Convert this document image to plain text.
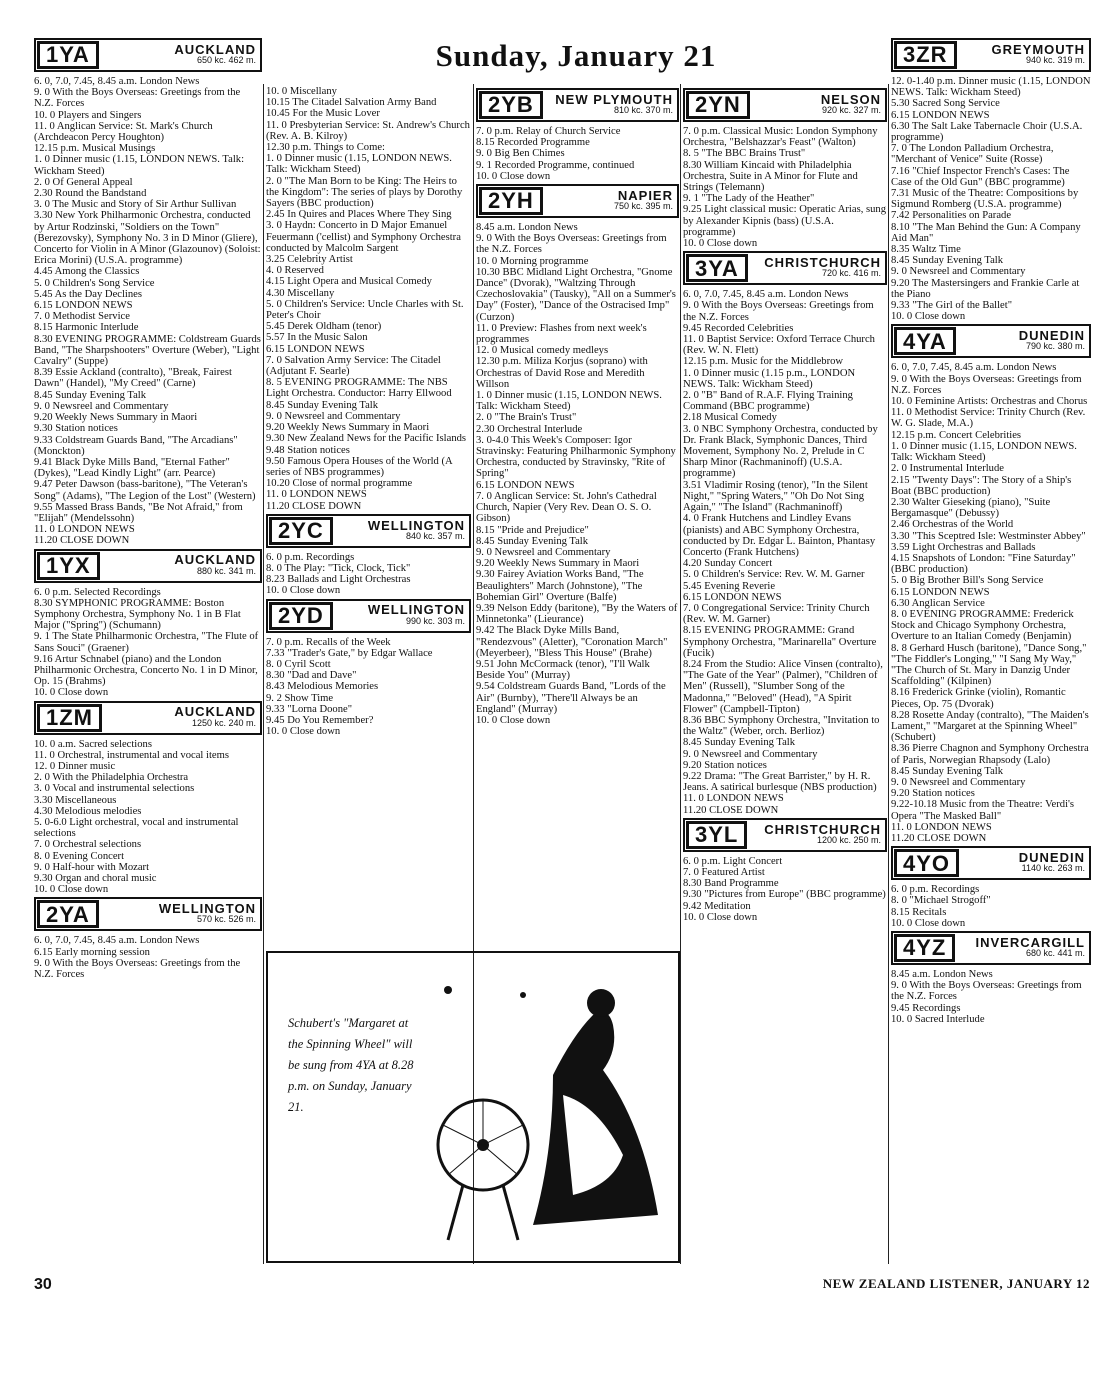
Sunday, January 21
1YA	AUCKLAND
650 kc. 462 m.

6. 0, 7.0, 7.45, 8.45 a.m. London News

9. 0 With the Boys Overseas: Greetings from the N.Z. Forces

10. 0 Players and Singers

11. 0 Anglican Service: St. Mark's Church (Archdeacon Percy Houghton)

12.15 p.m. Musical Musings

1. 0 Dinner music (1.15, LONDON NEWS. Talk: Wickham Steed)

2. 0 Of General Appeal

2.30 Round the Bandstand

3. 0 The Music and Story of Sir Arthur Sullivan

3.30 New York Philharmonic Orchestra, conducted by Artur Rodzinski, "Soldiers on the Town" (Berezovsky), Symphony No. 3 in D Minor (Gliere), Concerto for Violin in A Minor (Glazounov) (Soloist: Erica Morini) (U.S.A. programme)

4.45 Among the Classics

5. 0 Children's Song Service

5.45 As the Day Declines

6.15 LONDON NEWS

7. 0 Methodist Service

8.15 Harmonic Interlude

8.30 EVENING PROGRAMME: Coldstream Guards Band, "The Sharpshooters" Overture (Weber), "Light Cavalry" (Suppe)

8.39 Essie Ackland (contralto), "Break, Fairest Dawn" (Handel), "My Creed" (Carne)

8.45 Sunday Evening Talk

9. 0 Newsreel and Commentary

9.20 Weekly News Summary in Maori

9.30 Station notices

9.33 Coldstream Guards Band, "The Arcadians" (Monckton)

9.41 Black Dyke Mills Band, "Eternal Father" (Dykes), "Lead Kindly Light" (arr. Pearce)

9.47 Peter Dawson (bass-baritone), "The Veteran's Song" (Adams), "The Legion of the Lost" (Western)

9.55 Massed Brass Bands, "Be Not Afraid," from "Elijah" (Mendelssohn)

11. 0 LONDON NEWS

11.20 CLOSE DOWN

1YX	AUCKLAND
880 kc. 341 m.

6. 0 p.m. Selected Recordings

8.30 SYMPHONIC PROGRAMME: Boston Symphony Orchestra, Symphony No. 1 in B Flat Major ("Spring") (Schumann)

9. 1 The State Philharmonic Orchestra, "The Flute of Sans Souci" (Graener)

9.16 Artur Schnabel (piano) and the London Philharmonic Orchestra, Concerto No. 1 in D Minor, Op. 15 (Brahms)

10. 0 Close down

1ZM	AUCKLAND
1250 kc. 240 m.

10. 0 a.m. Sacred selections

11. 0 Orchestral, instrumental and vocal items

12. 0 Dinner music

2. 0 With the Philadelphia Orchestra

3. 0 Vocal and instrumental selections

3.30 Miscellaneous

4.30 Melodious melodies

5. 0-6.0 Light orchestral, vocal and instrumental selections

7. 0 Orchestral selections

8. 0 Evening Concert

9. 0 Half-hour with Mozart

9.30 Organ and choral music

10. 0 Close down

2YA	WELLINGTON
570 kc. 526 m.

6. 0, 7.0, 7.45, 8.45 a.m. London News

6.15 Early morning session

9. 0 With the Boys Overseas: Greetings from the N.Z. Forces

10. 0 Miscellany

10.15 The Citadel Salvation Army Band

10.45 For the Music Lover

11. 0 Presbyterian Service: St. Andrew's Church (Rev. A. B. Kilroy)

12.30 p.m. Things to Come:

1. 0 Dinner music (1.15, LONDON NEWS. Talk: Wickham Steed)

2. 0 "The Man Born to be King: The Heirs to the Kingdom": The series of plays by Dorothy Sayers (BBC production)

2.45 In Quires and Places Where They Sing

3. 0 Haydn: Concerto in D Major Emanuel Feuermann ('cellist) and Symphony Orchestra conducted by Malcolm Sargent

3.25 Celebrity Artist

4. 0 Reserved

4.15 Light Opera and Musical Comedy

4.30 Miscellany

5. 0 Children's Service: Uncle Charles with St. Peter's Choir

5.45 Derek Oldham (tenor)

5.57 In the Music Salon

6.15 LONDON NEWS

7. 0 Salvation Army Service: The Citadel (Adjutant F. Searle)

8. 5 EVENING PROGRAMME: The NBS Light Orchestra. Conductor: Harry Ellwood

8.45 Sunday Evening Talk

9. 0 Newsreel and Commentary

9.20 Weekly News Summary in Maori

9.30 New Zealand News for the Pacific Islands

9.48 Station notices

9.50 Famous Opera Houses of the World (A series of NBS programmes)

10.20 Close of normal programme

11. 0 LONDON NEWS

11.20 CLOSE DOWN

2YC	WELLINGTON
840 kc. 357 m.

6. 0 p.m. Recordings

8. 0 The Play: "Tick, Clock, Tick"

8.23 Ballads and Light Orchestras

10. 0 Close down

2YD	WELLINGTON
990 kc. 303 m.

7. 0 p.m. Recalls of the Week

7.33 "Trader's Gate," by Edgar Wallace

8. 0 Cyril Scott

8.30 "Dad and Dave"

8.43 Melodious Memories

9. 2 Show Time

9.33 "Lorna Doone"

9.45 Do You Remember?

10. 0 Close down

2YB	NEW PLYMOUTH
810 kc. 370 m.

7. 0 p.m. Relay of Church Service

8.15 Recorded Programme

9. 0 Big Ben Chimes

9. 1 Recorded Programme, continued

10. 0 Close down

2YH	NAPIER
750 kc. 395 m.

8.45 a.m. London News

9. 0 With the Boys Overseas: Greetings from the N.Z. Forces

10. 0 Morning programme

10.30 BBC Midland Light Orchestra, "Gnome Dance" (Dvorak), "Waltzing Through Czechoslovakia" (Tausky), "All on a Summer's Day" (Foster), "Dance of the Ostracised Imp" (Curzon)

11. 0 Preview: Flashes from next week's programmes

12. 0 Musical comedy medleys

12.30 p.m. Miliza Korjus (soprano) with Orchestras of David Rose and Meredith Willson

1. 0 Dinner music (1.15, LONDON NEWS. Talk: Wickham Steed)

2. 0 "The Brain's Trust"

2.30 Orchestral Interlude

3. 0-4.0 This Week's Composer: Igor Stravinsky: Featuring Philharmonic Symphony Orchestra, conducted by Stravinsky, "Rite of Spring"

6.15 LONDON NEWS

7. 0 Anglican Service: St. John's Cathedral Church, Napier (Very Rev. Dean O. S. O. Gibson)

8.15 "Pride and Prejudice"

8.45 Sunday Evening Talk

9. 0 Newsreel and Commentary

9.20 Weekly News Summary in Maori

9.30 Fairey Aviation Works Band, "The Beaulighters" March (Johnstone), "The Bohemian Girl" Overture (Balfe)

9.39 Nelson Eddy (baritone), "By the Waters of Minnetonka" (Lieurance)

9.42 The Black Dyke Mills Band, "Rendezvous" (Aletter), "Coronation March" (Meyerbeer), "Bless This House" (Brahe)

9.51 John McCormack (tenor), "I'll Walk Beside You" (Murray)

9.54 Coldstream Guards Band, "Lords of the Air" (Burnby), "There'll Always be an England" (Murray)

10. 0 Close down

2YN	NELSON
920 kc. 327 m.

7. 0 p.m. Classical Music: London Symphony Orchestra, "Belshazzar's Feast" (Walton)

8. 5 "The BBC Brains Trust"

8.30 William Kincaid with Philadelphia Orchestra, Suite in A Minor for Flute and Strings (Telemann)

9. 1 "The Lady of the Heather"

9.25 Light classical music: Operatic Arias, sung by Alexander Kipnis (bass) (U.S.A. programme)

10. 0 Close down

3YA	CHRISTCHURCH
720 kc. 416 m.

6. 0, 7.0, 7.45, 8.45 a.m. London News

9. 0 With the Boys Overseas: Greetings from the N.Z. Forces

9.45 Recorded Celebrities

11. 0 Baptist Service: Oxford Terrace Church (Rev. W. N. Flett)

12.15 p.m. Music for the Middlebrow

1. 0 Dinner music (1.15 p.m., LONDON NEWS. Talk: Wickham Steed)

2. 0 "B" Band of R.A.F. Flying Training Command (BBC programme)

2.18 Musical Comedy

3. 0 NBC Symphony Orchestra, conducted by Dr. Frank Black, Symphonic Dances, Third Movement, Symphony No. 2, Prelude in C Sharp Minor (Rachmaninoff) (U.S.A. programme)

3.51 Vladimir Rosing (tenor), "In the Silent Night," "Spring Waters," "Oh Do Not Sing Again," "The Island" (Rachmaninoff)

4. 0 Frank Hutchens and Lindley Evans (pianists) and ABC Symphony Orchestra, conducted by Dr. Edgar L. Bainton, Phantasy Concerto (Frank Hutchens)

4.20 Sunday Concert

5. 0 Children's Service: Rev. W. M. Garner

5.45 Evening Reverie

6.15 LONDON NEWS

7. 0 Congregational Service: Trinity Church (Rev. W. M. Garner)

8.15 EVENING PROGRAMME: Grand Symphony Orchestra, "Marinarella" Overture (Fucik)

8.24 From the Studio: Alice Vinsen (contralto), "The Gate of the Year" (Palmer), "Children of Men" (Russell), "Slumber Song of the Madonna," "Beloved" (Head), "A Spirit Flower" (Campbell-Tipton)

8.36 BBC Symphony Orchestra, "Invitation to the Waltz" (Weber, orch. Berlioz)

8.45 Sunday Evening Talk

9. 0 Newsreel and Commentary

9.20 Station notices

9.22 Drama: "The Great Barrister," by H. R. Jeans. A satirical burlesque (NBS production)

11. 0 LONDON NEWS

11.20 CLOSE DOWN

3YL	CHRISTCHURCH
1200 kc. 250 m.

6. 0 p.m. Light Concert

7. 0 Featured Artist

8.30 Band Programme

9.30 "Pictures from Europe" (BBC programme)

9.42 Meditation

10. 0 Close down

3ZR	GREYMOUTH
940 kc. 319 m.

12. 0-1.40 p.m. Dinner music (1.15, LONDON NEWS. Talk: Wickham Steed)

5.30 Sacred Song Service

6.15 LONDON NEWS

6.30 The Salt Lake Tabernacle Choir (U.S.A. programme)

7. 0 The London Palladium Orchestra, "Merchant of Venice" Suite (Rosse)

7.16 "Chief Inspector French's Cases: The Case of the Old Gun" (BBC programme)

7.31 Music of the Theatre: Compositions by Sigmund Romberg (U.S.A. programme)

7.42 Personalities on Parade

8.10 "The Man Behind the Gun: A Company Aid Man"

8.35 Waltz Time

8.45 Sunday Evening Talk

9. 0 Newsreel and Commentary

9.20 The Mastersingers and Frankie Carle at the Piano

9.33 "The Girl of the Ballet"

10. 0 Close down

4YA	DUNEDIN
790 kc. 380 m.

6. 0, 7.0, 7.45, 8.45 a.m. London News

9. 0 With the Boys Overseas: Greetings from N.Z. Forces

10. 0 Feminine Artists: Orchestras and Chorus

11. 0 Methodist Service: Trinity Church (Rev. W. G. Slade, M.A.)

12.15 p.m. Concert Celebrities

1. 0 Dinner music (1.15, LONDON NEWS. Talk: Wickham Steed)

2. 0 Instrumental Interlude

2.15 "Twenty Days": The Story of a Ship's Boat (BBC production)

2.30 Walter Gieseking (piano), "Suite Bergamasque" (Debussy)

2.46 Orchestras of the World

3.30 "This Sceptred Isle: Westminster Abbey"

3.59 Light Orchestras and Ballads

4.15 Snapshots of London: "Fine Saturday" (BBC production)

5. 0 Big Brother Bill's Song Service

6.15 LONDON NEWS

6.30 Anglican Service

8. 0 EVENING PROGRAMME: Frederick Stock and Chicago Symphony Orchestra, Overture to an Italian Comedy (Benjamin)

8. 8 Gerhard Husch (baritone), "Dance Song," "The Fiddler's Longing," "I Sang My Way," "The Church of St. Mary in Danzig Under Scaffolding" (Kilpinen)

8.16 Frederick Grinke (violin), Romantic Pieces, Op. 75 (Dvorak)

8.28 Rosette Anday (contralto), "The Maiden's Lament," "Margaret at the Spinning Wheel" (Schubert)

8.36 Pierre Chagnon and Symphony Orchestra of Paris, Norwegian Rhapsody (Lalo)

8.45 Sunday Evening Talk

9. 0 Newsreel and Commentary

9.20 Station notices

9.22-10.18 Music from the Theatre: Verdi's Opera "The Masked Ball"

11. 0 LONDON NEWS

11.20 CLOSE DOWN

4YO	DUNEDIN
1140 kc. 263 m.

6. 0 p.m. Recordings

8. 0 "Michael Strogoff"

8.15 Recitals

10. 0 Close down

4YZ	INVERCARGILL
680 kc. 441 m.

8.45 a.m. London News

9. 0 With the Boys Overseas: Greetings from the N.Z. Forces

9.45 Recordings

10. 0 Sacred Interlude

Schubert's "Margaret at the Spinning Wheel" will be sung from 4YA at 8.28 p.m. on Sunday, January 21.
30	NEW ZEALAND LISTENER, JANUARY 12
